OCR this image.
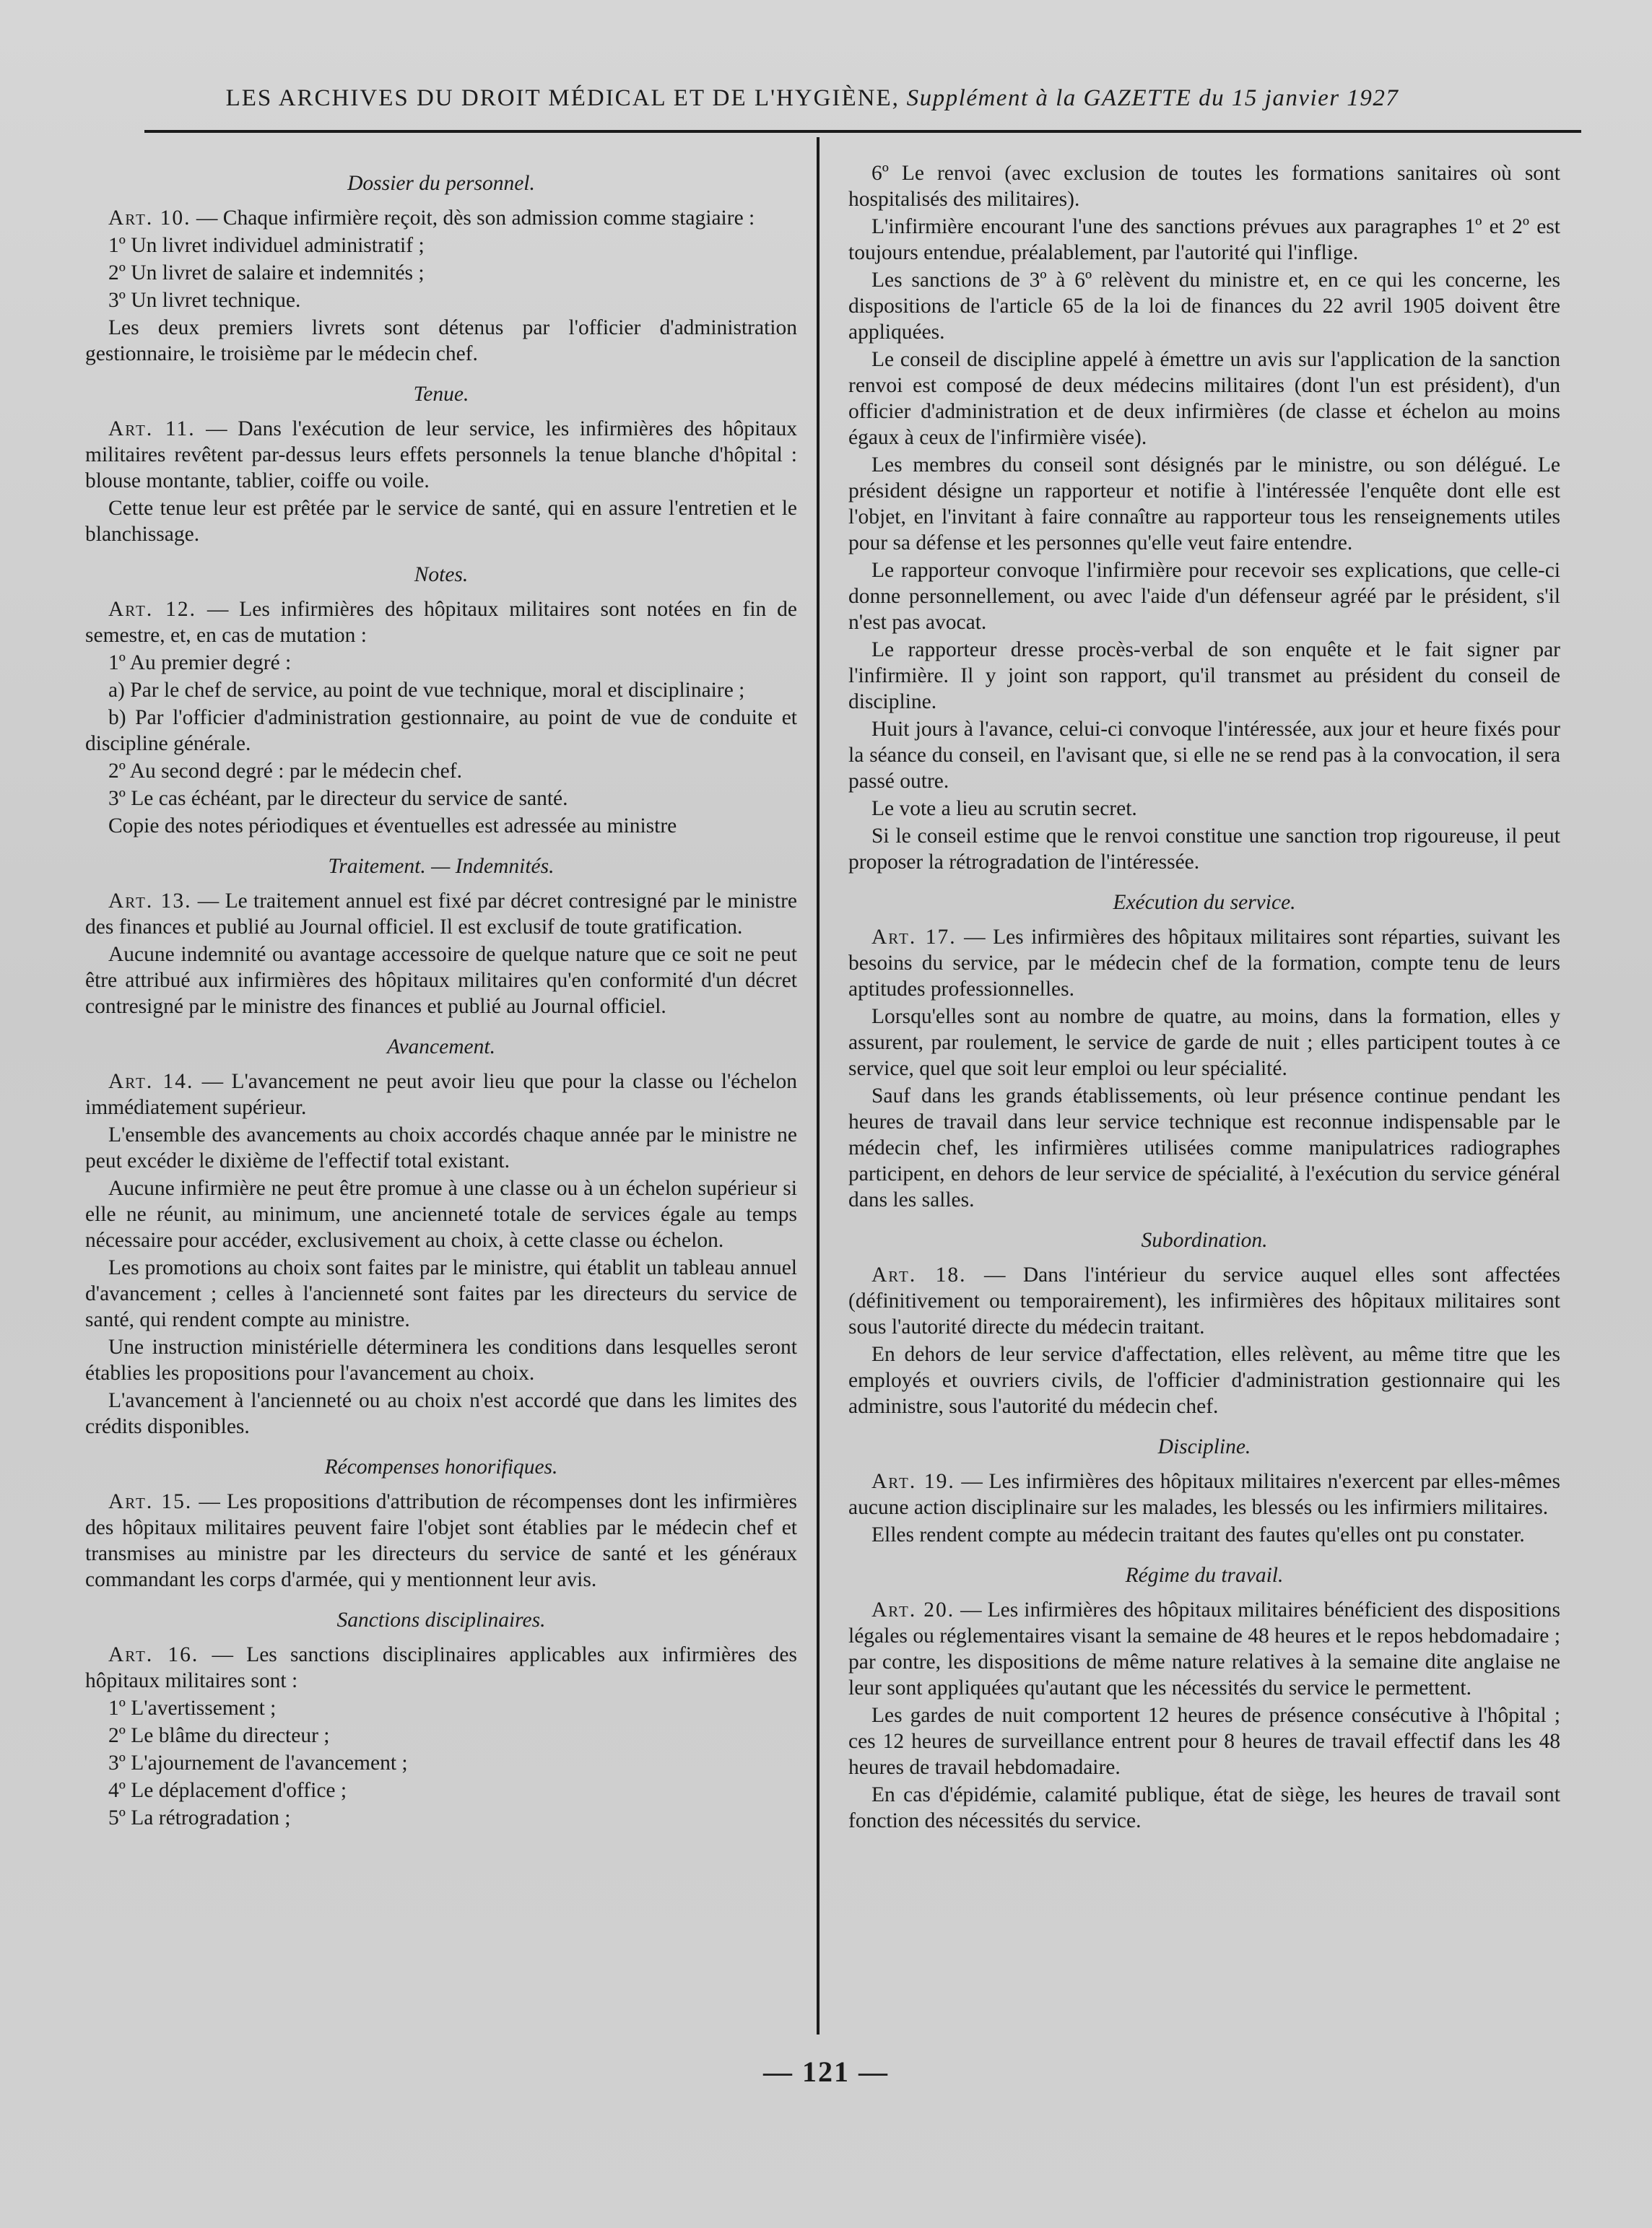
LES ARCHIVES DU DROIT MÉDICAL ET DE L'HYGIÈNE, Supplément à la GAZETTE du 15 janvier 1927
Dossier du personnel.

Art. 10. — Chaque infirmière reçoit, dès son admission comme stagiaire :

1º Un livret individuel administratif ;

2º Un livret de salaire et indemnités ;

3º Un livret technique.

Les deux premiers livrets sont détenus par l'officier d'administration gestionnaire, le troisième par le médecin chef.

Tenue.

Art. 11. — Dans l'exécution de leur service, les infirmières des hôpitaux militaires revêtent par-dessus leurs effets personnels la tenue blanche d'hôpital : blouse montante, tablier, coiffe ou voile.

Cette tenue leur est prêtée par le service de santé, qui en assure l'entretien et le blanchissage.

Notes.

Art. 12. — Les infirmières des hôpitaux militaires sont notées en fin de semestre, et, en cas de mutation :

1º Au premier degré :

a) Par le chef de service, au point de vue technique, moral et disciplinaire ;

b) Par l'officier d'administration gestionnaire, au point de vue de conduite et discipline générale.

2º Au second degré : par le médecin chef.

3º Le cas échéant, par le directeur du service de santé.

Copie des notes périodiques et éventuelles est adressée au ministre

Traitement. — Indemnités.

Art. 13. — Le traitement annuel est fixé par décret contresigné par le ministre des finances et publié au Journal officiel. Il est exclusif de toute gratification.

Aucune indemnité ou avantage accessoire de quelque nature que ce soit ne peut être attribué aux infirmières des hôpitaux militaires qu'en conformité d'un décret contresigné par le ministre des finances et publié au Journal officiel.

Avancement.

Art. 14. — L'avancement ne peut avoir lieu que pour la classe ou l'échelon immédiatement supérieur.

L'ensemble des avancements au choix accordés chaque année par le ministre ne peut excéder le dixième de l'effectif total existant.

Aucune infirmière ne peut être promue à une classe ou à un échelon supérieur si elle ne réunit, au minimum, une ancienneté totale de services égale au temps nécessaire pour accéder, exclusivement au choix, à cette classe ou échelon.

Les promotions au choix sont faites par le ministre, qui établit un tableau annuel d'avancement ; celles à l'ancienneté sont faites par les directeurs du service de santé, qui rendent compte au ministre.

Une instruction ministérielle déterminera les conditions dans lesquelles seront établies les propositions pour l'avancement au choix.

L'avancement à l'ancienneté ou au choix n'est accordé que dans les limites des crédits disponibles.

Récompenses honorifiques.

Art. 15. — Les propositions d'attribution de récompenses dont les infirmières des hôpitaux militaires peuvent faire l'objet sont établies par le médecin chef et transmises au ministre par les directeurs du service de santé et les généraux commandant les corps d'armée, qui y mentionnent leur avis.

Sanctions disciplinaires.

Art. 16. — Les sanctions disciplinaires applicables aux infirmières des hôpitaux militaires sont :

1º L'avertissement ;

2º Le blâme du directeur ;

3º L'ajournement de l'avancement ;

4º Le déplacement d'office ;

5º La rétrogradation ;

6º Le renvoi (avec exclusion de toutes les formations sanitaires où sont hospitalisés des militaires).

L'infirmière encourant l'une des sanctions prévues aux paragraphes 1º et 2º est toujours entendue, préalablement, par l'autorité qui l'inflige.

Les sanctions de 3º à 6º relèvent du ministre et, en ce qui les concerne, les dispositions de l'article 65 de la loi de finances du 22 avril 1905 doivent être appliquées.

Le conseil de discipline appelé à émettre un avis sur l'application de la sanction renvoi est composé de deux médecins militaires (dont l'un est président), d'un officier d'administration et de deux infirmières (de classe et échelon au moins égaux à ceux de l'infirmière visée).

Les membres du conseil sont désignés par le ministre, ou son délégué. Le président désigne un rapporteur et notifie à l'intéressée l'enquête dont elle est l'objet, en l'invitant à faire connaître au rapporteur tous les renseignements utiles pour sa défense et les personnes qu'elle veut faire entendre.

Le rapporteur convoque l'infirmière pour recevoir ses explications, que celle-ci donne personnellement, ou avec l'aide d'un défenseur agréé par le président, s'il n'est pas avocat.

Le rapporteur dresse procès-verbal de son enquête et le fait signer par l'infirmière. Il y joint son rapport, qu'il transmet au président du conseil de discipline.

Huit jours à l'avance, celui-ci convoque l'intéressée, aux jour et heure fixés pour la séance du conseil, en l'avisant que, si elle ne se rend pas à la convocation, il sera passé outre.

Le vote a lieu au scrutin secret.

Si le conseil estime que le renvoi constitue une sanction trop rigoureuse, il peut proposer la rétrogradation de l'intéressée.

Exécution du service.

Art. 17. — Les infirmières des hôpitaux militaires sont réparties, suivant les besoins du service, par le médecin chef de la formation, compte tenu de leurs aptitudes professionnelles.

Lorsqu'elles sont au nombre de quatre, au moins, dans la formation, elles y assurent, par roulement, le service de garde de nuit ; elles participent toutes à ce service, quel que soit leur emploi ou leur spécialité.

Sauf dans les grands établissements, où leur présence continue pendant les heures de travail dans leur service technique est reconnue indispensable par le médecin chef, les infirmières utilisées comme manipulatrices radiographes participent, en dehors de leur service de spécialité, à l'exécution du service général dans les salles.

Subordination.

Art. 18. — Dans l'intérieur du service auquel elles sont affectées (définitivement ou temporairement), les infirmières des hôpitaux militaires sont sous l'autorité directe du médecin traitant.

En dehors de leur service d'affectation, elles relèvent, au même titre que les employés et ouvriers civils, de l'officier d'administration gestionnaire qui les administre, sous l'autorité du médecin chef.

Discipline.

Art. 19. — Les infirmières des hôpitaux militaires n'exercent par elles-mêmes aucune action disciplinaire sur les malades, les blessés ou les infirmiers militaires.

Elles rendent compte au médecin traitant des fautes qu'elles ont pu constater.

Régime du travail.

Art. 20. — Les infirmières des hôpitaux militaires bénéficient des dispositions légales ou réglementaires visant la semaine de 48 heures et le repos hebdomadaire ; par contre, les dispositions de même nature relatives à la semaine dite anglaise ne leur sont appliquées qu'autant que les nécessités du service le permettent.

Les gardes de nuit comportent 12 heures de présence consécutive à l'hôpital ; ces 12 heures de surveillance entrent pour 8 heures de travail effectif dans les 48 heures de travail hebdomadaire.

En cas d'épidémie, calamité publique, état de siège, les heures de travail sont fonction des nécessités du service.

— 121 —
